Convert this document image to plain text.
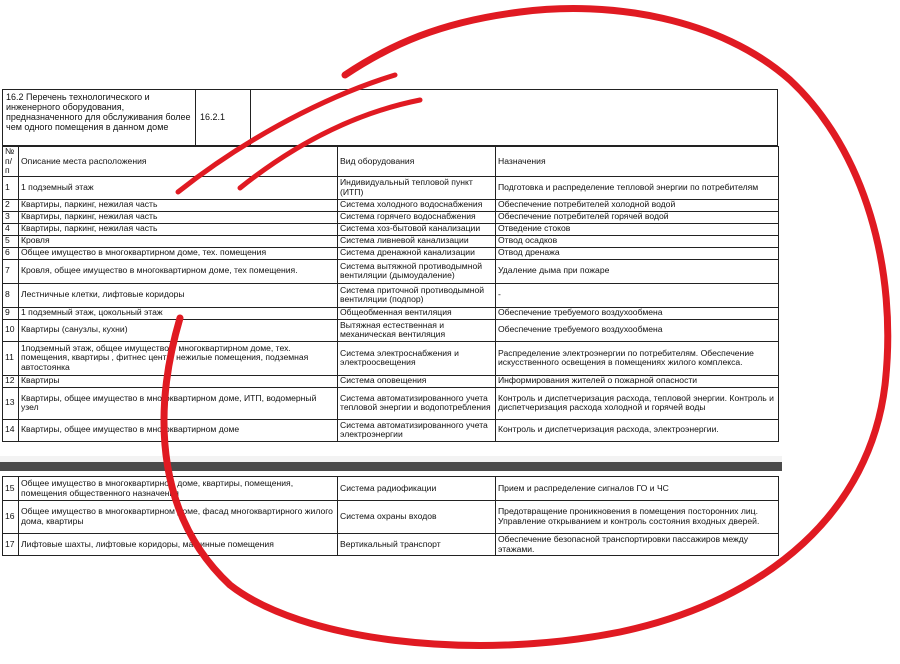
16.2 Перечень технологического и инженерного оборудования, предназначенного для обслуживания более чем одного помещения в данном доме
16.2.1
№ п/п	Описание места расположения	Вид оборудования	Назначения
1	1 подземный этаж	Индивидуальный тепловой пункт (ИТП)	Подготовка и распределение тепловой энергии по потребителям
2	Квартиры, паркинг, нежилая часть	Система холодного водоснабжения	Обеспечение потребителей холодной водой
3	Квартиры, паркинг, нежилая часть	Система горячего водоснабжения	Обеспечение потребителей горячей водой
4	Квартиры, паркинг, нежилая часть	Система хоз-бытовой канализации	Отведение стоков
5	Кровля	Система ливневой канализации	Отвод осадков
6	Общее имущество в многоквартирном доме, тех. помещения	Система дренажной канализации	Отвод дренажа
7	Кровля, общее имущество в многоквартирном доме, тех помещения.	Система вытяжной противодымной вентиляции (дымоудаление)	Удаление дыма при пожаре
8	Лестничные клетки, лифтовые коридоры	Система приточной противодымной вентиляции (подпор)	-
9	1 подземный этаж, цокольный этаж	Общеобменная вентиляция	Обеспечение требуемого воздухообмена
10	Квартиры (санузлы, кухни)	Вытяжная естественная и механическая вентиляция	Обеспечение требуемого воздухообмена
11	1подземный этаж, общее имущество в многоквартирном доме, тех. помещения, квартиры , фитнес центр, нежилые помещения, подземная автостоянка	Система электроснабжения и электроосвещения	Распределение электроэнергии по потребителям. Обеспечение искусственного освещения в помещениях жилого комплекса.
12	Квартиры	Система оповещения	Информирования жителей о пожарной опасности
13	Квартиры, общее имущество в многоквартирном доме, ИТП, водомерный узел	Система автоматизированного учета тепловой энергии и водопотребления	Контроль и диспетчеризация расхода, тепловой энергии. Контроль и диспетчеризация расхода холодной и горячей воды
14	Квартиры, общее имущество в многоквартирном доме	Система автоматизированного учета электроэнергии	Контроль и диспетчеризация расхода, электроэнергии.
15	Общее имущество в многоквартирном доме, квартиры, помещения, помещения общественного назначения	Система радиофикации	Прием и распределение сигналов ГО и ЧС
16	Общее имущество в многоквартирном доме, фасад многоквартирного жилого дома, квартиры	Система охраны входов	Предотвращение проникновения в помещения посторонних лиц. Управление открыванием и контроль состояния входных дверей.
17	Лифтовые шахты, лифтовые коридоры, машинные помещения	Вертикальный транспорт	Обеспечение безопасной транспортировки пассажиров между этажами.
